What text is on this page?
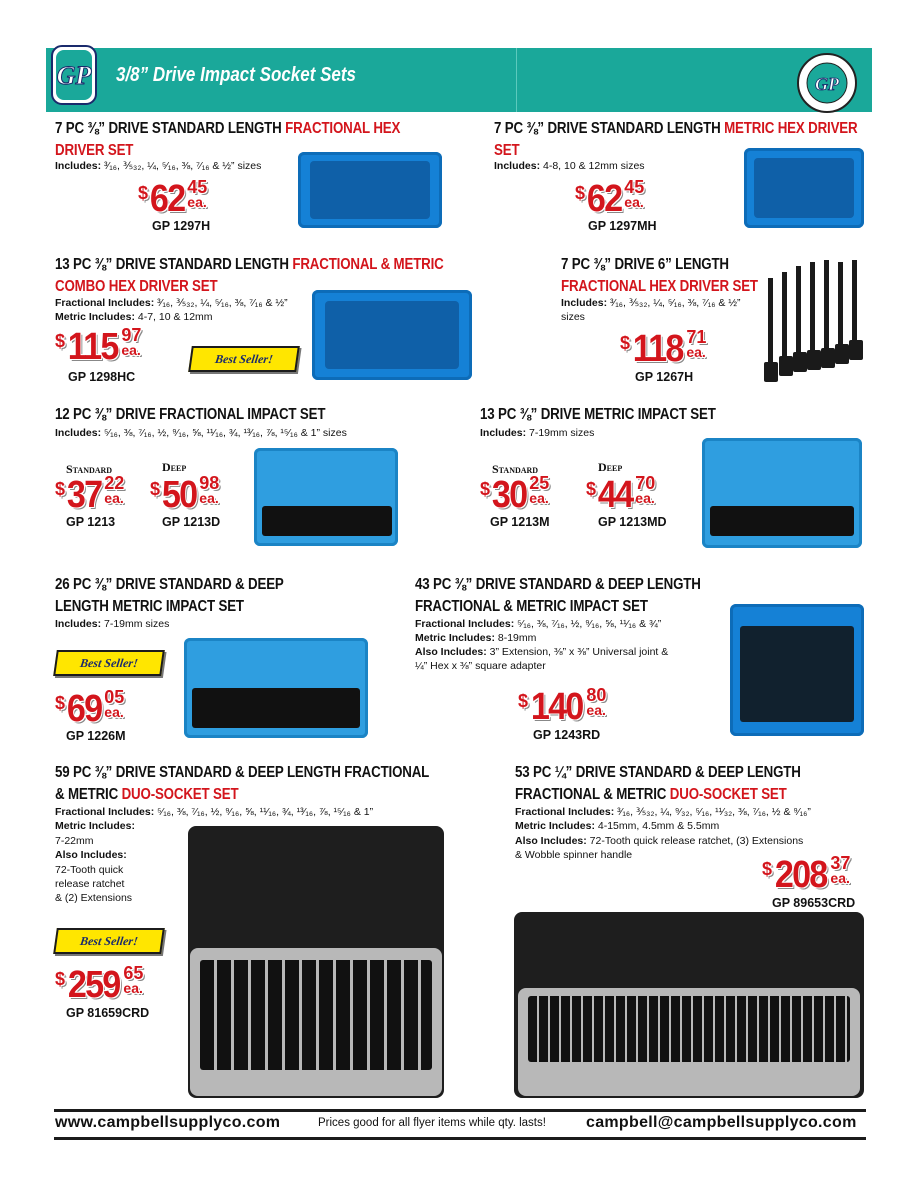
GP 3/8” Drive Impact Socket Sets	GP
7 PC ⅜” DRIVE STANDARD LENGTH FRACTIONAL HEX
DRIVER SET
Includes: ³⁄₁₆, ⅗₃₂, ¼, ⁵⁄₁₆, ⅜, ⁷⁄₁₆ & ½” sizes
$62 45
ea.
GP 1297H
7 PC ⅜” DRIVE STANDARD LENGTH METRIC HEX DRIVER
SET
Includes: 4-8, 10 & 12mm sizes
$62 45
ea.
GP 1297MH
13 PC ⅜” DRIVE STANDARD LENGTH FRACTIONAL & METRIC
COMBO HEX DRIVER SET
Fractional Includes: ³⁄₁₆, ⅗₃₂, ¼, ⁵⁄₁₆, ⅜, ⁷⁄₁₆ & ½”
Metric Includes: 4-7, 10 & 12mm
$115 97
ea.
GP 1298HC
Best Seller!
7 PC ⅜” DRIVE 6” LENGTH
FRACTIONAL HEX DRIVER SET
Includes: ³⁄₁₆, ⅗₃₂, ¼, ⁵⁄₁₆, ⅜, ⁷⁄₁₆ & ½”
sizes
$118 71
ea.
GP 1267H
12 PC ⅜” DRIVE FRACTIONAL IMPACT SET
Includes: ⁵⁄₁₆, ⅜, ⁷⁄₁₆, ½, ⁹⁄₁₆, ⅝, ¹¹⁄₁₆, ¾, ¹³⁄₁₆, ⅞, ¹⁵⁄₁₆ & 1” sizes
Standard	Deep
$37 22
ea. $50 98
ea.
GP 1213	GP 1213D
13 PC ⅜” DRIVE METRIC IMPACT SET
Includes: 7-19mm sizes
Standard	Deep
$30 25
ea. $44 70
ea.
GP 1213M	GP 1213MD
26 PC ⅜” DRIVE STANDARD & DEEP
LENGTH METRIC IMPACT SET
Includes: 7-19mm sizes
Best Seller!
$69 05
ea.
GP 1226M
43 PC ⅜” DRIVE STANDARD & DEEP LENGTH
FRACTIONAL & METRIC IMPACT SET
Fractional Includes: ⁵⁄₁₆, ⅜, ⁷⁄₁₆, ½, ⁹⁄₁₆, ⅝, ¹¹⁄₁₆ & ¾”
Metric Includes: 8-19mm
Also Includes: 3” Extension, ⅜” x ⅜” Universal joint &
¼” Hex x ⅜” square adapter
$140 80
ea.
GP 1243RD
59 PC ⅜” DRIVE STANDARD & DEEP LENGTH FRACTIONAL
& METRIC DUO-SOCKET SET
Fractional Includes: ⁵⁄₁₆, ⅜, ⁷⁄₁₆, ½, ⁹⁄₁₆, ⅝, ¹¹⁄₁₆, ¾, ¹³⁄₁₆, ⅞, ¹⁵⁄₁₆ & 1”
Metric Includes:
7-22mm
Also Includes:
72-Tooth quick
release ratchet
& (2) Extensions
Best Seller!
$259 65
ea.
GP 81659CRD
53 PC ¼” DRIVE STANDARD & DEEP LENGTH
FRACTIONAL & METRIC DUO-SOCKET SET
Fractional Includes: ³⁄₁₆, ⅗₃₂, ¼, ⁹⁄₃₂, ⁵⁄₁₆, ¹¹⁄₃₂, ⅜, ⁷⁄₁₆, ½ & ⁹⁄₁₆”
Metric Includes: 4-15mm, 4.5mm & 5.5mm
Also Includes: 72-Tooth quick release ratchet, (3) Extensions
& Wobble spinner handle
$208 37
ea.
GP 89653CRD
www.campbellsupplyco.com	Prices good for all flyer items while qty. lasts!	campbell@campbellsupplyco.com
